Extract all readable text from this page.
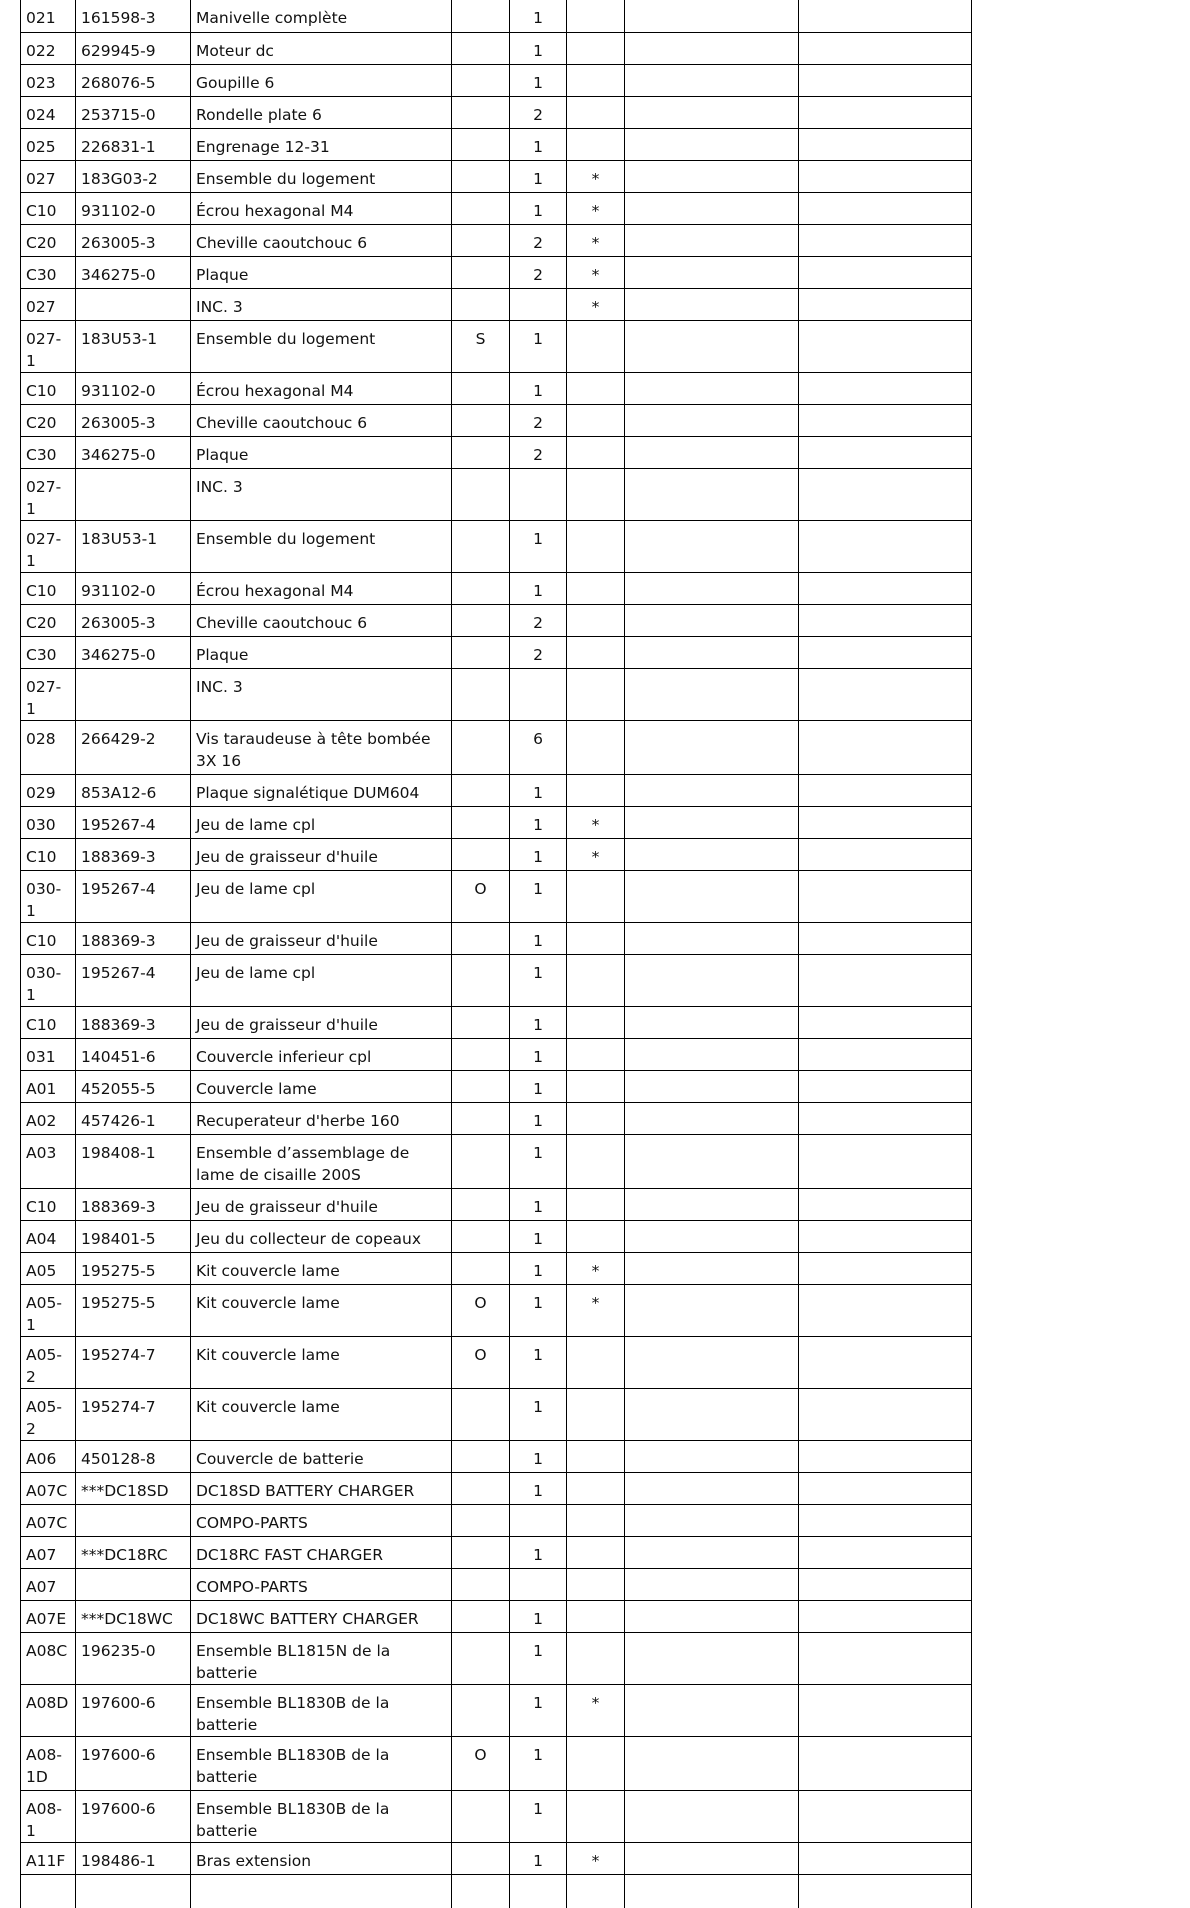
021	161598-3	Manivelle complète		1			
022	629945-9	Moteur dc		1			
023	268076-5	Goupille 6		1			
024	253715-0	Rondelle plate 6		2			
025	226831-1	Engrenage 12-31		1			
027	183G03-2	Ensemble du logement		1	*		
C10	931102-0	Écrou hexagonal M4		1	*		
C20	263005-3	Cheville caoutchouc 6		2	*		
C30	346275-0	Plaque		2	*		
027		INC. 3			*		
027-1	183U53-1	Ensemble du logement	S	1			
C10	931102-0	Écrou hexagonal M4		1			
C20	263005-3	Cheville caoutchouc 6		2			
C30	346275-0	Plaque		2			
027-1		INC. 3					
027-1	183U53-1	Ensemble du logement		1			
C10	931102-0	Écrou hexagonal M4		1			
C20	263005-3	Cheville caoutchouc 6		2			
C30	346275-0	Plaque		2			
027-1		INC. 3					
028	266429-2	Vis taraudeuse à tête bombée 3X 16		6			
029	853A12-6	Plaque signalétique DUM604		1			
030	195267-4	Jeu de lame cpl		1	*		
C10	188369-3	Jeu de graisseur d'huile		1	*		
030-1	195267-4	Jeu de lame cpl	O	1			
C10	188369-3	Jeu de graisseur d'huile		1			
030-1	195267-4	Jeu de lame cpl		1			
C10	188369-3	Jeu de graisseur d'huile		1			
031	140451-6	Couvercle inferieur cpl		1			
A01	452055-5	Couvercle lame		1			
A02	457426-1	Recuperateur d'herbe 160		1			
A03	198408-1	Ensemble d’assemblage de lame de cisaille 200S		1			
C10	188369-3	Jeu de graisseur d'huile		1			
A04	198401-5	Jeu du collecteur de copeaux		1			
A05	195275-5	Kit couvercle lame		1	*		
A05-1	195275-5	Kit couvercle lame	O	1	*		
A05-2	195274-7	Kit couvercle lame	O	1			
A05-2	195274-7	Kit couvercle lame		1			
A06	450128-8	Couvercle de batterie		1			
A07C	***DC18SD	DC18SD BATTERY CHARGER		1			
A07C		COMPO-PARTS					
A07	***DC18RC	DC18RC FAST CHARGER		1			
A07		COMPO-PARTS					
A07E	***DC18WC	DC18WC BATTERY CHARGER		1			
A08C	196235-0	Ensemble BL1815N de la batterie		1			
A08D	197600-6	Ensemble BL1830B de la batterie		1	*		
A08-1D	197600-6	Ensemble BL1830B de la batterie	O	1			
A08-1	197600-6	Ensemble BL1830B de la batterie		1			
A11F	198486-1	Bras extension		1	*		
